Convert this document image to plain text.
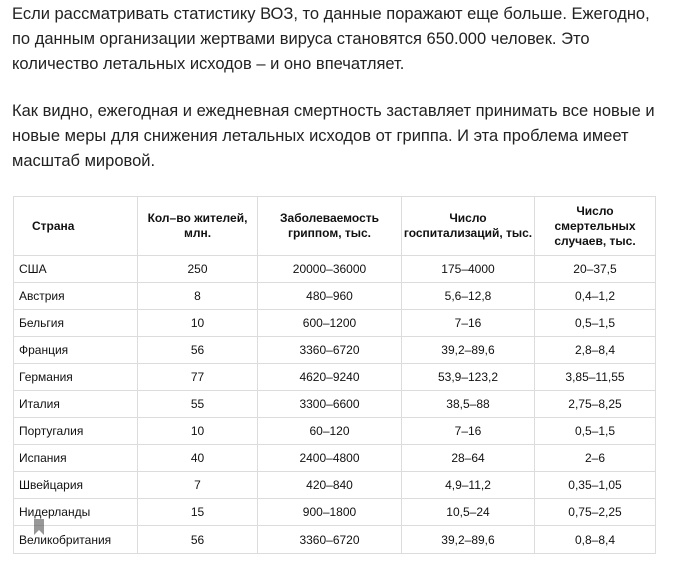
Если рассматривать статистику ВОЗ, то данные поражают еще больше. Ежегодно, по данным организации жертвами вируса становятся 650.000 человек. Это количество летальных исходов – и оно впечатляет.

Как видно, ежегодная и ежедневная смертность заставляет принимать все новые и новые меры для снижения летальных исходов от гриппа. И эта проблема имеет масштаб мировой.

Страна	Кол–во жителей, млн.	Заболеваемость гриппом, тыс.	Число госпитализаций, тыс.	Число смертельных случаев, тыс.
США	250	20000–36000	175–4000	20–37,5
Австрия	8	480–960	5,6–12,8	0,4–1,2
Бельгия	10	600–1200	7–16	0,5–1,5
Франция	56	3360–6720	39,2–89,6	2,8–8,4
Германия	77	4620–9240	53,9–123,2	3,85–11,55
Италия	55	3300–6600	38,5–88	2,75–8,25
Португалия	10	60–120	7–16	0,5–1,5
Испания	40	2400–4800	28–64	2–6
Швейцария	7	420–840	4,9–11,2	0,35–1,05
Нидерланды	15	900–1800	10,5–24	0,75–2,25
Великобритания	56	3360–6720	39,2–89,6	0,8–8,4
